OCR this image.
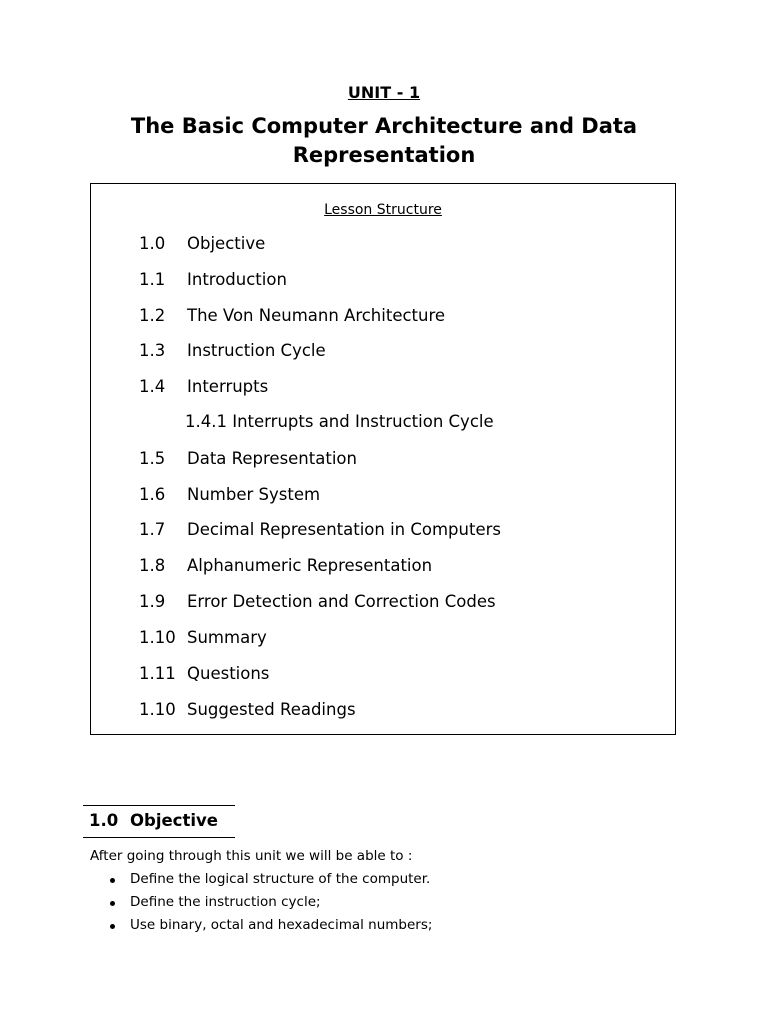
UNIT - 1
The Basic Computer Architecture and Data Representation
Lesson Structure
1.0 Objective
1.1 Introduction
1.2 The Von Neumann Architecture
1.3 Instruction Cycle
1.4 Interrupts
1.4.1 Interrupts and Instruction Cycle
1.5 Data Representation
1.6 Number System
1.7 Decimal Representation in Computers
1.8 Alphanumeric Representation
1.9 Error Detection and Correction Codes
1.10 Summary
1.11 Questions
1.10 Suggested Readings
1.0 Objective
After going through this unit we will be able to :
Define the logical structure of the computer.
Define the instruction cycle;
Use binary, octal and hexadecimal numbers;
